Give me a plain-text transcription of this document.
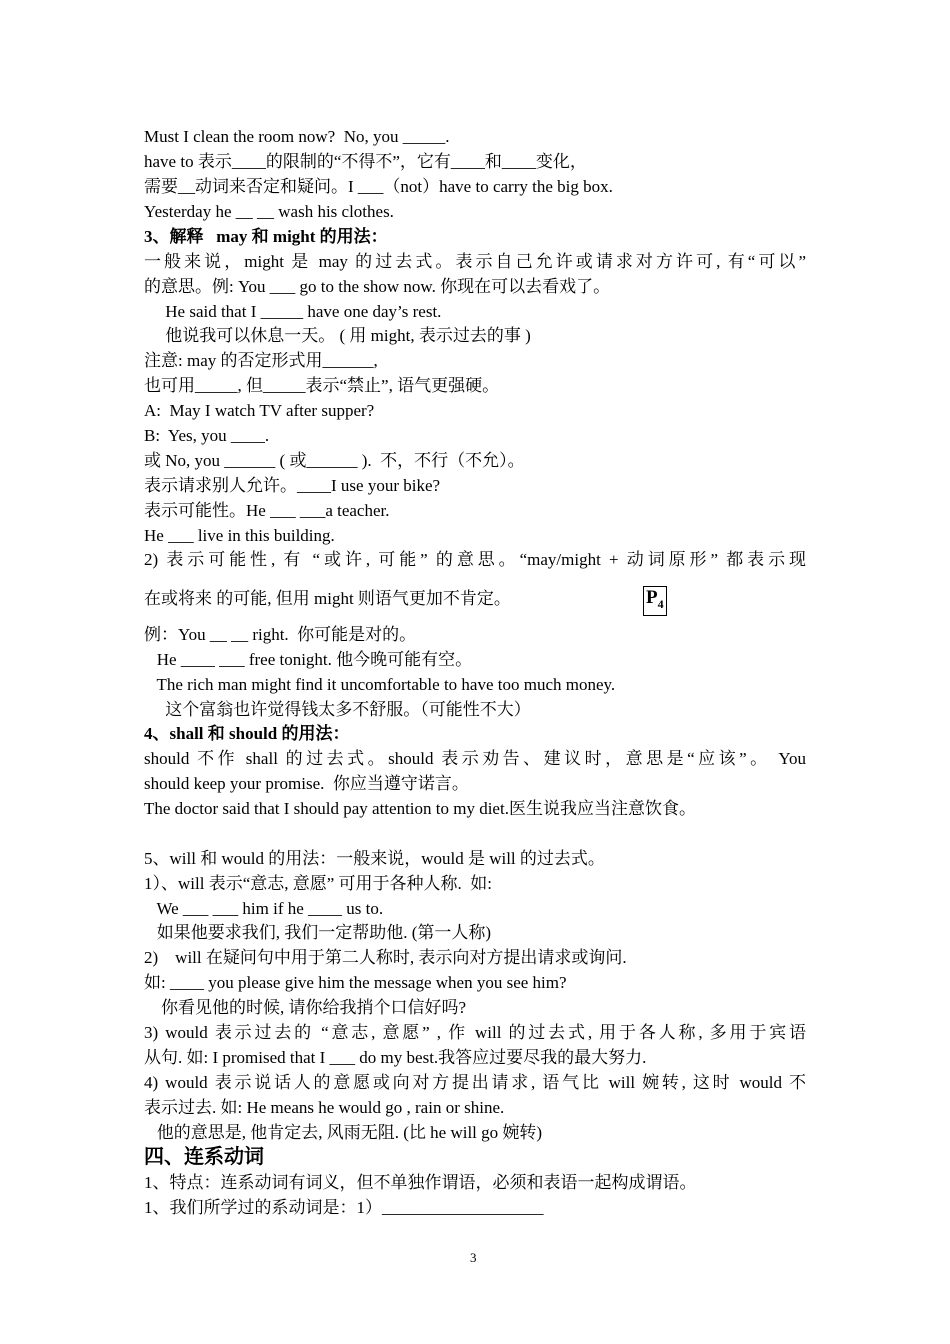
Must I clean the room now?  No, you _____.
have to 表示____的限制的“不得不”，它有____和____变化，
需要__动词来否定和疑问。I ___（not）have to carry the big box.
Yesterday he __ __ wash his clothes.
3、解释   may 和 might 的用法：
一般来说，might 是 may 的过去式。表示自己允许或请求对方许可, 有“可以”
的意思。例: You ___ go to the show now. 你现在可以去看戏了。
He said that I _____ have one day’s rest.
他说我可以休息一天。 ( 用 might, 表示过去的事 )
注意: may 的否定形式用______,
也可用_____, 但_____表示“禁止”, 语气更强硬。
A:  May I watch TV after supper?
B:  Yes, you ____.
或 No, you ______ ( 或______ ).  不，不行（不允）。
表示请求别人允许。____I use your bike?
表示可能性。He ___ ___a teacher.
He ___ live in this building.
2) 表示可能性, 有 “或许, 可能” 的意思。“may/might + 动词原形” 都表示现
在或将来 的可能, 但用 might 则语气更加不肯定。	$P_4$
例：You __ __ right.  你可能是对的。
He ____ ___ free tonight. 他今晚可能有空。
The rich man might find it uncomfortable to have too much money.
这个富翁也许觉得钱太多不舒服。（可能性不大）
4、shall 和 should 的用法：
should 不作 shall 的过去式。should 表示劝告、建议时，意思是“应该”。 You
should keep your promise.  你应当遵守诺言。
The doctor said that I should pay attention to my diet.医生说我应当注意饮食。
5、will 和 would 的用法：一般来说，would 是 will 的过去式。
1）、will 表示“意志, 意愿” 可用于各种人称.  如:
We ___ ___ him if he ____ us to.
如果他要求我们, 我们一定帮助他. (第一人称)
2)    will 在疑问句中用于第二人称时, 表示向对方提出请求或询问.
如: ____ you please give him the message when you see him?
你看见他的时候, 请你给我捎个口信好吗?
3) would 表示过去的 “意志, 意愿” , 作 will 的过去式, 用于各人称, 多用于宾语
从句. 如: I promised that I ___ do my best.我答应过要尽我的最大努力.
4) would 表示说话人的意愿或向对方提出请求, 语气比 will 婉转, 这时 would 不
表示过去. 如: He means he would go , rain or shine.
他的意思是, 他肯定去, 风雨无阻. (比 he will go 婉转)
四、连系动词
1、特点：连系动词有词义，但不单独作谓语，必须和表语一起构成谓语。
1、我们所学过的系动词是：1）___________________
3
